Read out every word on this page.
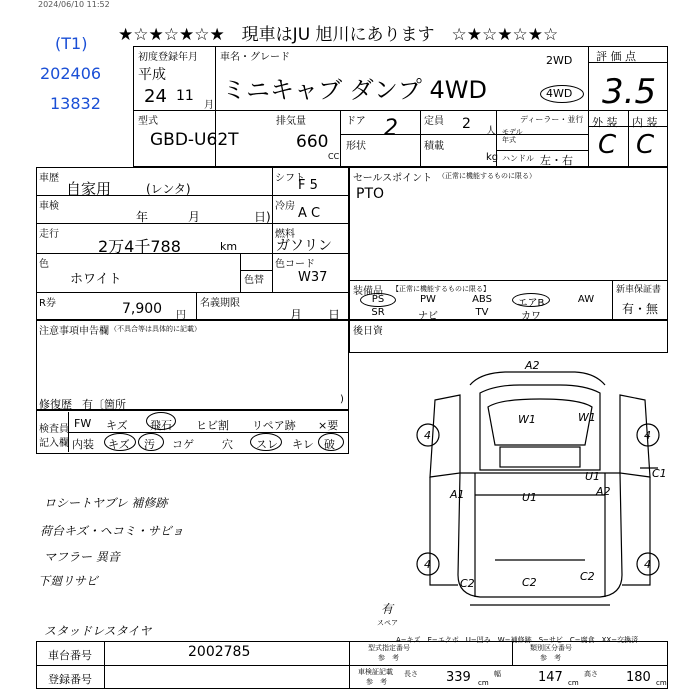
2024/06/10 11:52
★☆★☆★☆★　現車はJU 旭川にあります　☆★☆★☆★☆
(T1)
202406
13832
初度登録年月
平成
24 11
月
車名・グレード
ミニキャブ ダンプ 4WD
2WD
4WD
評 価 点
3.5
外 装 内 装
C C
型式
GBD-U62T
排気量
660
CC
ドア 2
形状
定員 2 人
積載
kg
ディーラー・並行
モデル
年式
ハンドル 左・右
車歴
自家用	(レンタ)
車検
年	月	日)
走行
2万4千788	km
色
ホワイト	色替
R券	7,900 円
名義期限
月 日
シフト
F 5
冷房 A C
燃料
ガソリン
色コード
W37
セールスポイント （正常に機能するものに限る）
PTO
装備品 【正常に機能するものに限る】
PS	PW	ABS	エアB	AW
SR	ナビ	TV	カワ
新車保証書
有・無
注意事項申告欄 （不具合等は具体的に記載）
修復歴 有〔箇所	)
後日資
検査員
記入欄
FW キズ 飛石 ヒビ割 リペア跡 ×要
内装 キズ 汚 コゲ	穴 スレ キレ 破
ロシートヤブレ 補修跡
荷台キズ・ヘコミ・サビョ
マフラー 異音
下廻リサビ
スタッドレスタイヤ
A2
W1	W1
U1	C1
A1	U1	A2
C2	C2	C2
4	4
4	4
有
スペア
A−キズ　E−エクボ　U−凹み　W−補修跡　S−サビ　C−腐食　XX−交換済
車台番号	2002785
登録番号
型式指定番号
参　考
類別区分番号
参　考
車検証記載
参　考
長さ 339 cm
幅	147 cm
高さ 180 cm
